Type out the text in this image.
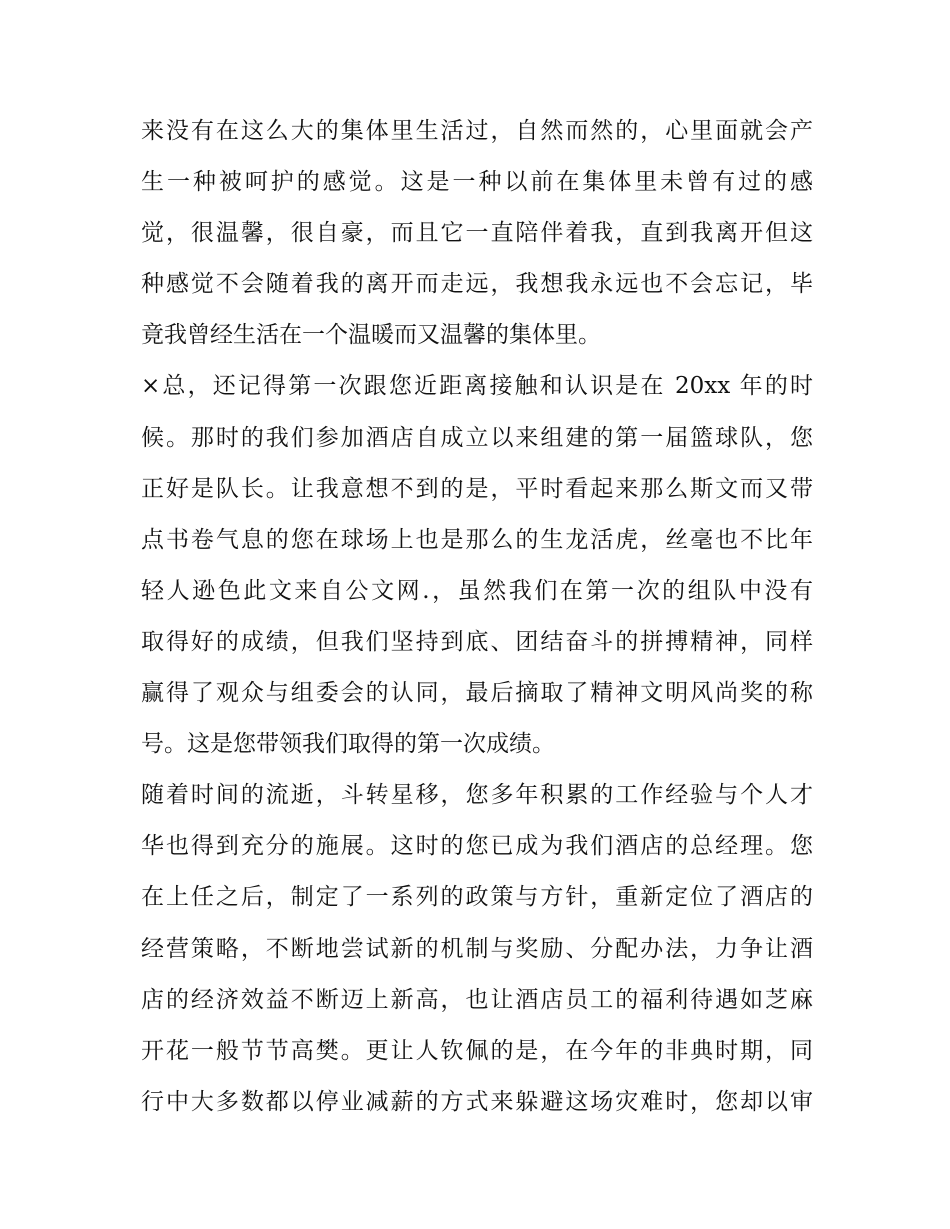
来没有在这么大的集体里生活过，自然而然的，心里面就会产
生一种被呵护的感觉。这是一种以前在集体里未曾有过的感
觉，很温馨，很自豪，而且它一直陪伴着我，直到我离开但这
种感觉不会随着我的离开而走远，我想我永远也不会忘记，毕
竟我曾经生活在一个温暖而又温馨的集体里。
×总，还记得第一次跟您近距离接触和认识是在 20xx 年的时
候。那时的我们参加酒店自成立以来组建的第一届篮球队，您
正好是队长。让我意想不到的是，平时看起来那么斯文而又带
点书卷气息的您在球场上也是那么的生龙活虎，丝毫也不比年
轻人逊色此文来自公文网.，虽然我们在第一次的组队中没有
取得好的成绩，但我们坚持到底、团结奋斗的拼搏精神，同样
赢得了观众与组委会的认同，最后摘取了精神文明风尚奖的称
号。这是您带领我们取得的第一次成绩。
随着时间的流逝，斗转星移，您多年积累的工作经验与个人才
华也得到充分的施展。这时的您已成为我们酒店的总经理。您
在上任之后，制定了一系列的政策与方针，重新定位了酒店的
经营策略，不断地尝试新的机制与奖励、分配办法，力争让酒
店的经济效益不断迈上新高，也让酒店员工的福利待遇如芝麻
开花一般节节高樊。更让人钦佩的是，在今年的非典时期，同
行中大多数都以停业减薪的方式来躲避这场灾难时，您却以审
